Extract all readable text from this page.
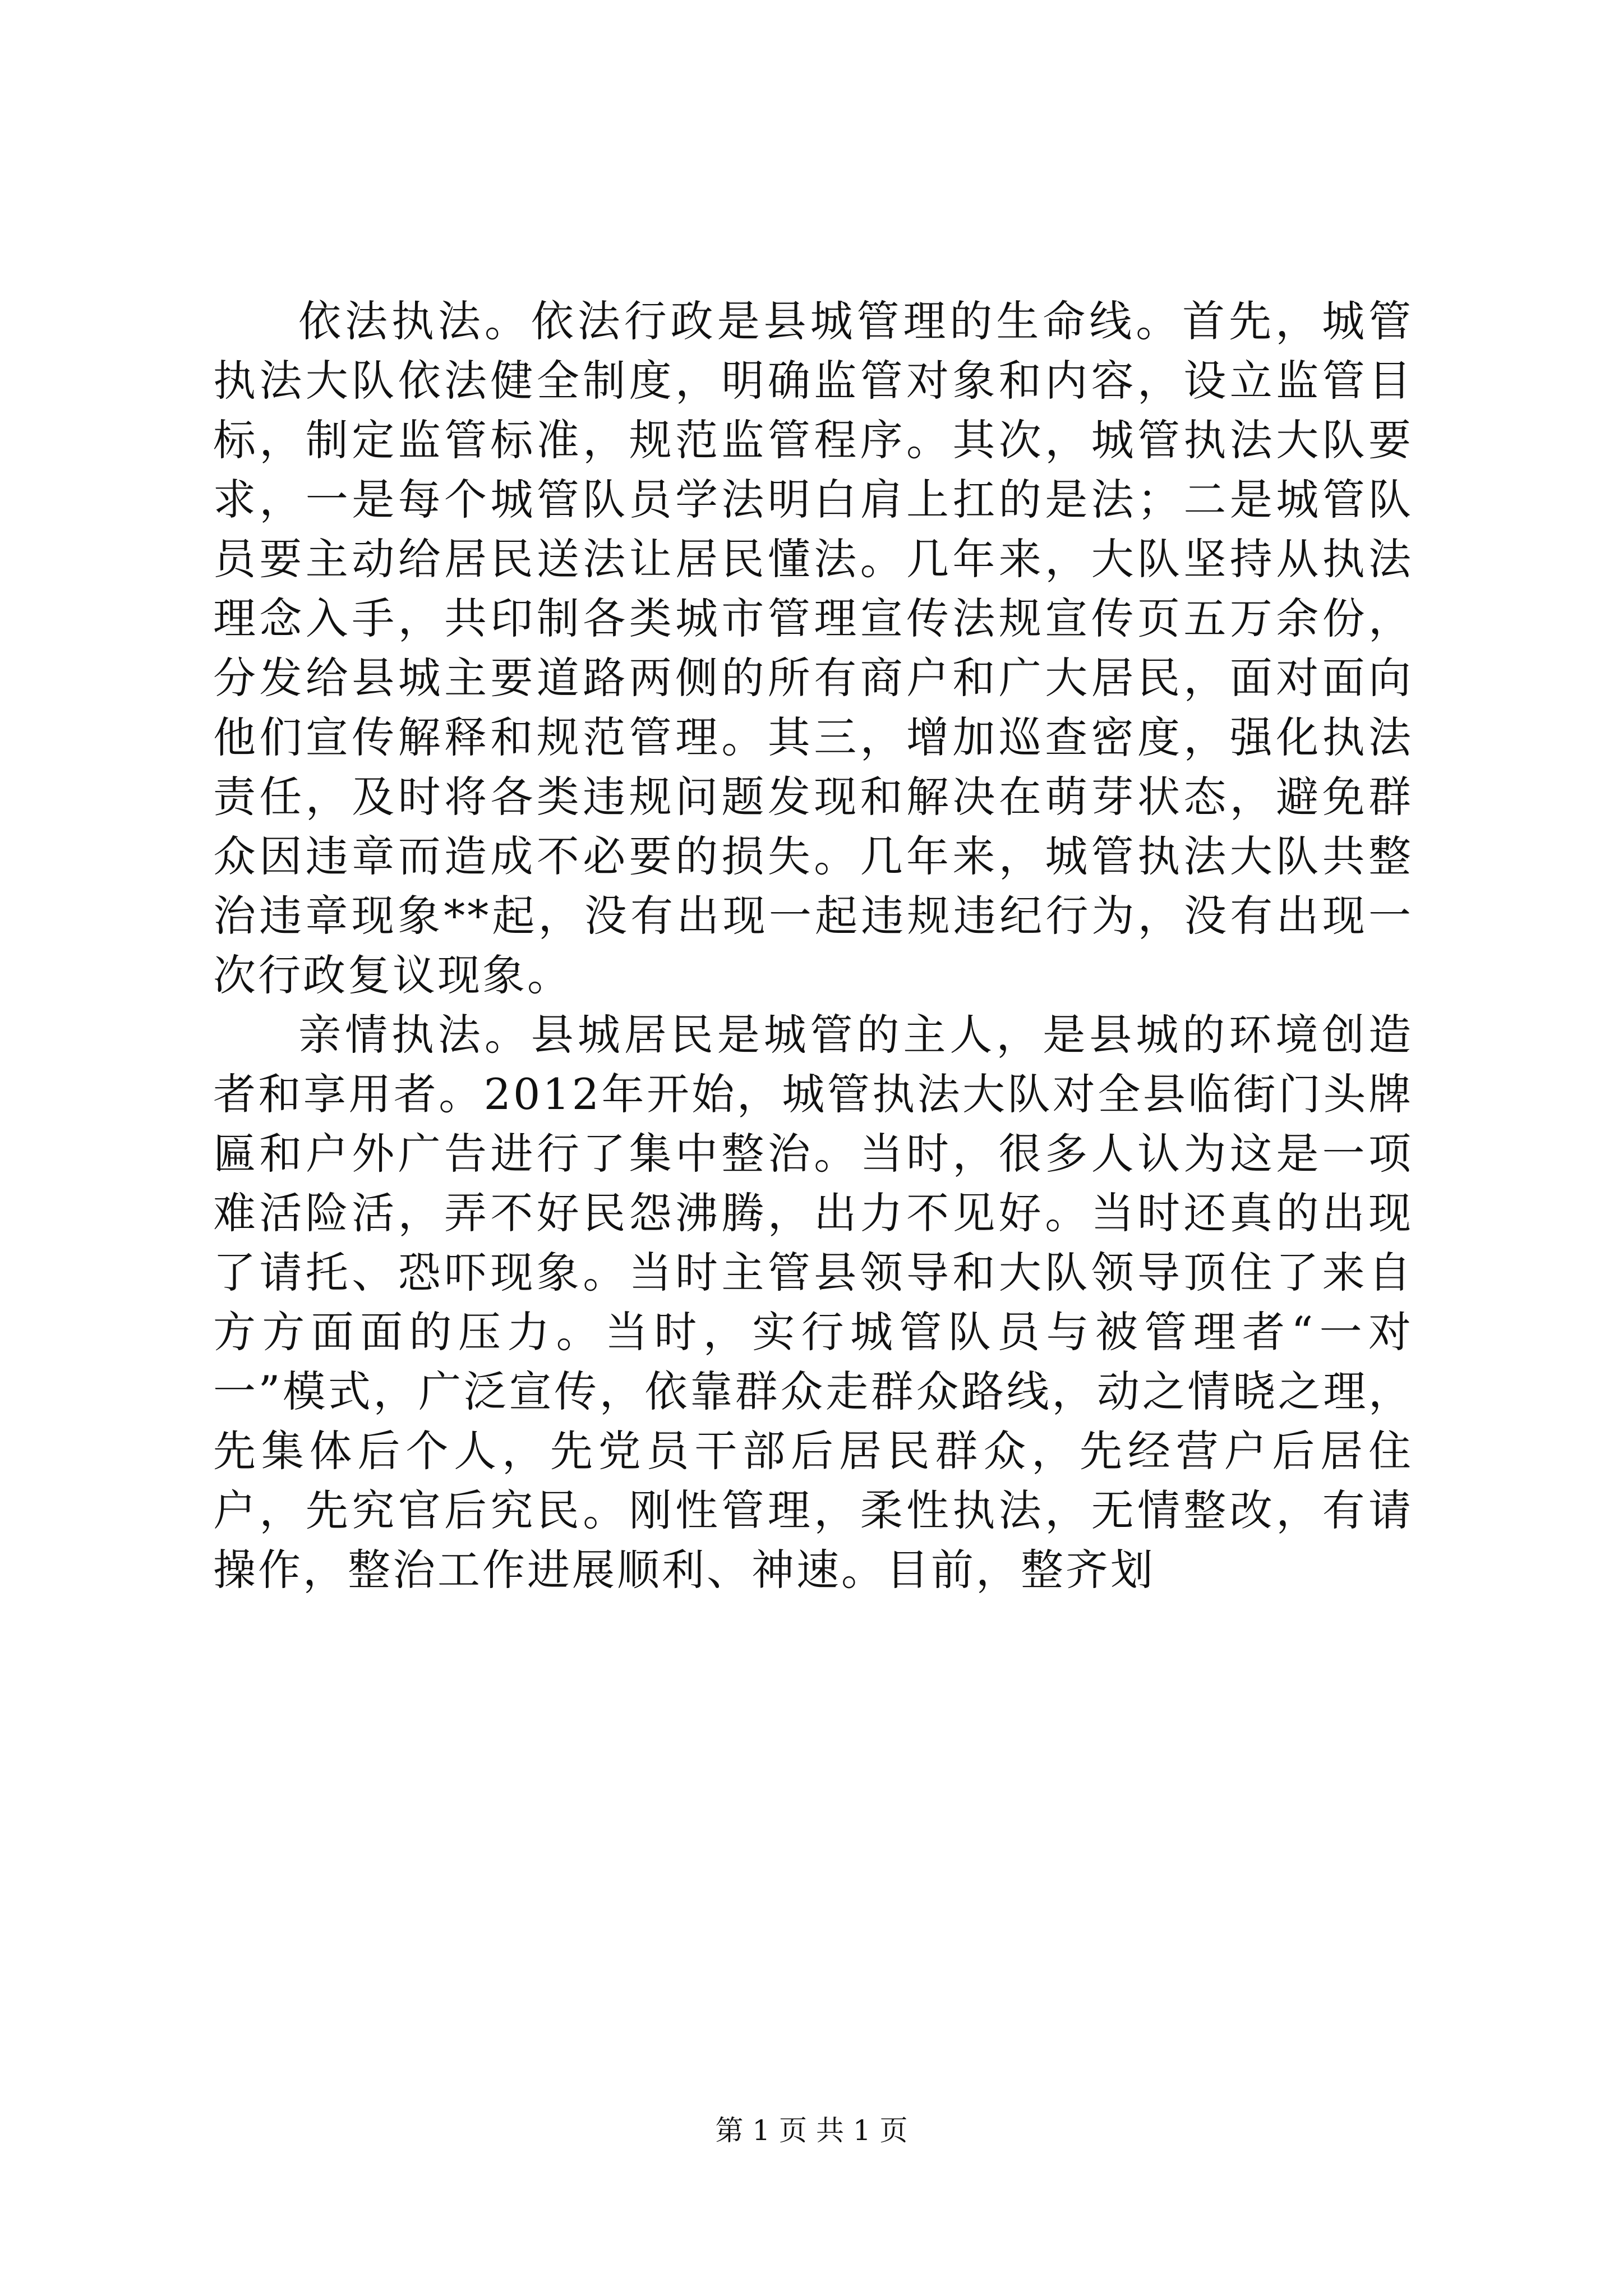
依法执法。依法行政是县城管理的生命线。首先，城管执法大队依法健全制度，明确监管对象和内容，设立监管目标，制定监管标准，规范监管程序。其次，城管执法大队要求，一是每个城管队员学法明白肩上扛的是法；二是城管队员要主动给居民送法让居民懂法。几年来，大队坚持从执法理念入手，共印制各类城市管理宣传法规宣传页五万余份，分发给县城主要道路两侧的所有商户和广大居民，面对面向他们宣传解释和规范管理。其三，增加巡查密度，强化执法责任，及时将各类违规问题发现和解决在萌芽状态，避免群众因违章而造成不必要的损失。几年来，城管执法大队共整治违章现象**起，没有出现一起违规违纪行为，没有出现一次行政复议现象。

亲情执法。县城居民是城管的主人，是县城的环境创造者和享用者。2012年开始，城管执法大队对全县临街门头牌匾和户外广告进行了集中整治。当时，很多人认为这是一项难活险活，弄不好民怨沸腾，出力不见好。当时还真的出现了请托、恐吓现象。当时主管县领导和大队领导顶住了来自方方面面的压力。当时，实行城管队员与被管理者“一对一”模式，广泛宣传，依靠群众走群众路线，动之情晓之理，先集体后个人，先党员干部后居民群众，先经营户后居住户，先究官后究民。刚性管理，柔性执法，无情整改，有请操作，整治工作进展顺利、神速。目前，整齐划

第 1 页 共 1 页
